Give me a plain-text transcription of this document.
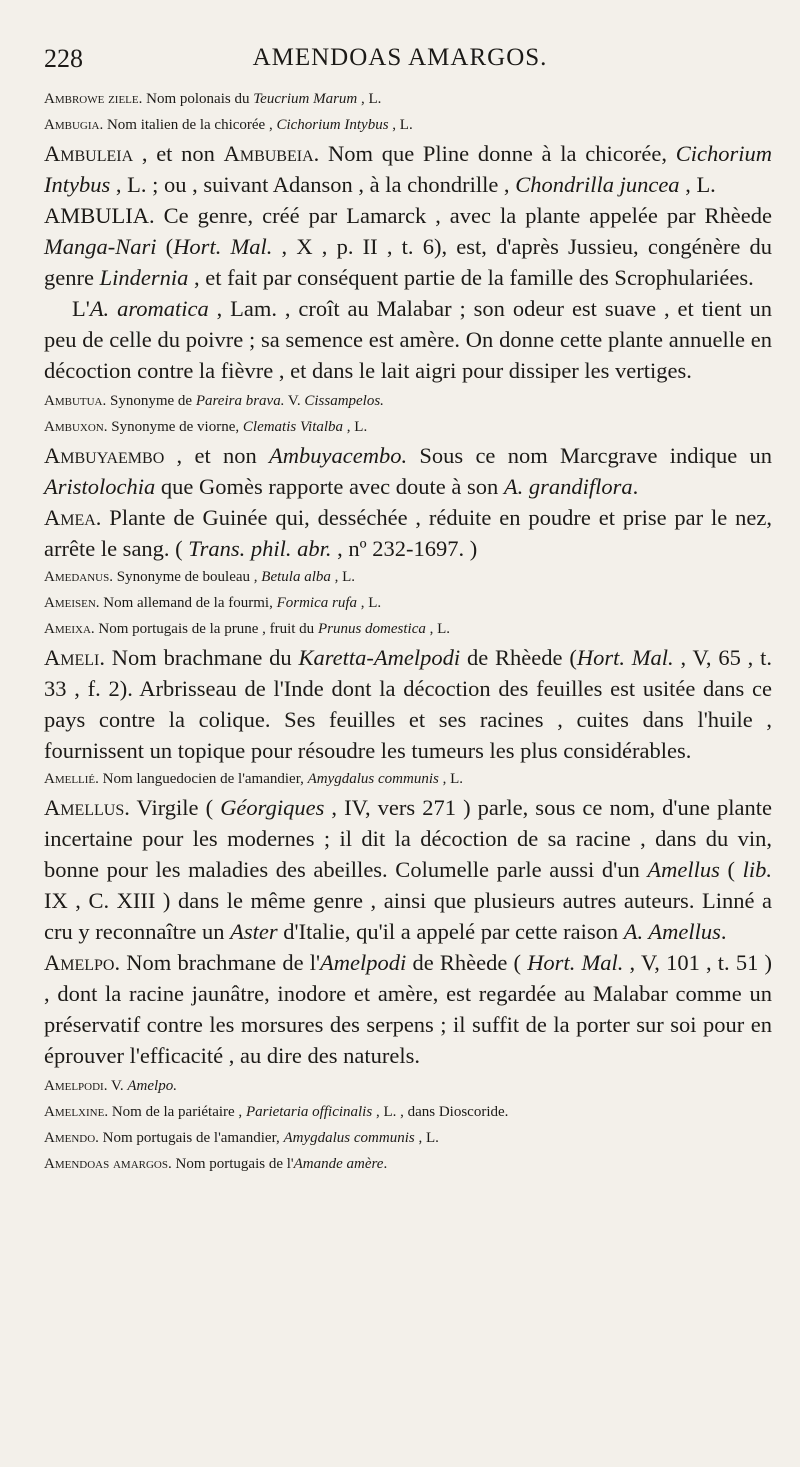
228	AMENDOAS AMARGOS.

Ambrowe ziele. Nom polonais du Teucrium Marum , L.

Ambugia. Nom italien de la chicorée , Cichorium Intybus , L.

Ambuleia , et non Ambubeia. Nom que Pline donne à la chicorée, Cichorium Intybus , L. ; ou , suivant Adanson , à la chondrille , Chondrilla juncea , L.

AMBULIA. Ce genre, créé par Lamarck , avec la plante appelée par Rhèede Manga-Nari (Hort. Mal. , X , p. II , t. 6), est, d'après Jussieu, congénère du genre Lindernia , et fait par conséquent partie de la famille des Scrophulariées.

L'A. aromatica , Lam. , croît au Malabar ; son odeur est suave , et tient un peu de celle du poivre ; sa semence est amère. On donne cette plante annuelle en décoction contre la fièvre , et dans le lait aigri pour dissiper les vertiges.

Ambutua. Synonyme de Pareira brava. V. Cissampelos.

Ambuxon. Synonyme de viorne, Clematis Vitalba , L.

Ambuyaembo , et non Ambuyacembo. Sous ce nom Marcgrave indique un Aristolochia que Gomès rapporte avec doute à son A. grandiflora.

Amea. Plante de Guinée qui, desséchée , réduite en poudre et prise par le nez, arrête le sang. ( Trans. phil. abr. , nº 232-1697. )

Amedanus. Synonyme de bouleau , Betula alba , L.

Ameisen. Nom allemand de la fourmi, Formica rufa , L.

Ameixa. Nom portugais de la prune , fruit du Prunus domestica , L.

Ameli. Nom brachmane du Karetta-Amelpodi de Rhèede (Hort. Mal. , V, 65 , t. 33 , f. 2). Arbrisseau de l'Inde dont la décoction des feuilles est usitée dans ce pays contre la colique. Ses feuilles et ses racines , cuites dans l'huile , fournissent un topique pour résoudre les tumeurs les plus considérables.

Amellié. Nom languedocien de l'amandier, Amygdalus communis , L.

Amellus. Virgile ( Géorgiques , IV, vers 271 ) parle, sous ce nom, d'une plante incertaine pour les modernes ; il dit la décoction de sa racine , dans du vin, bonne pour les maladies des abeilles. Columelle parle aussi d'un Amellus ( lib. IX , C. XIII ) dans le même genre , ainsi que plusieurs autres auteurs. Linné a cru y reconnaître un Aster d'Italie, qu'il a appelé par cette raison A. Amellus.

Amelpo. Nom brachmane de l'Amelpodi de Rhèede ( Hort. Mal. , V, 101 , t. 51 ) , dont la racine jaunâtre, inodore et amère, est regardée au Malabar comme un préservatif contre les morsures des serpens ; il suffit de la porter sur soi pour en éprouver l'efficacité , au dire des naturels.

Amelpodi. V. Amelpo.

Amelxine. Nom de la pariétaire , Parietaria officinalis , L. , dans Dioscoride.

Amendo. Nom portugais de l'amandier, Amygdalus communis , L.

Amendoas amargos. Nom portugais de l'Amande amère.
